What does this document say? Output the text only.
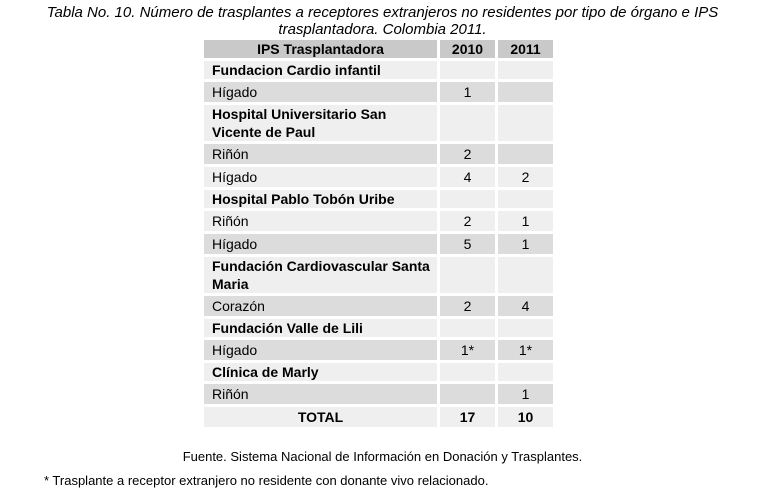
Tabla No. 10. Número de trasplantes a receptores extranjeros no residentes por tipo de órgano e IPS trasplantadora. Colombia 2011.
IPS Trasplantadora	2010	2011
Fundacion Cardio infantil		
Hígado	1	
Hospital Universitario San Vicente de Paul		
Riñón	2	
Hígado	4	2
Hospital Pablo Tobón Uribe		
Riñón	2	1
Hígado	5	1
Fundación Cardiovascular Santa Maria		
Corazón	2	4
Fundación Valle de Lili		
Hígado	1*	1*
Clínica de Marly		
Riñón		1
TOTAL	17	10
Fuente. Sistema Nacional de Información en Donación y Trasplantes.
* Trasplante a receptor extranjero no residente con donante vivo relacionado.
